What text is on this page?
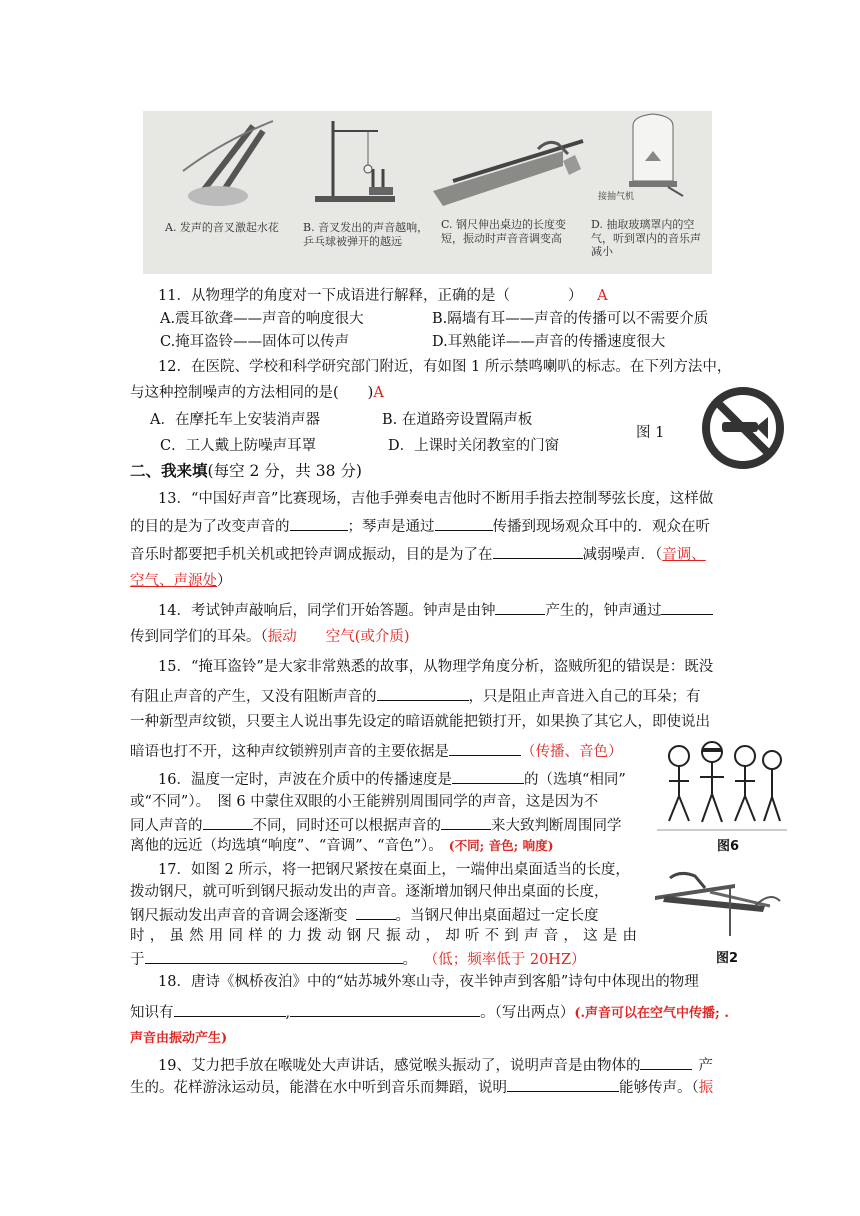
A. 发声的音叉激起水花	B. 音叉发出的声音越响，乒乓球被弹开的越远
C. 钢尺伸出桌边的长度变短，振动时声音音调变高
D. 抽取玻璃罩内的空气，听到罩内的音乐声减小
接抽气机
11．从物理学的角度对一下成语进行解释，正确的是（　　　　） A
A.震耳欲聋——声音的响度很大	B.隔墙有耳——声音的传播可以不需要介质
C.掩耳盗铃——固体可以传声	D.耳熟能详——声音的传播速度很大
12．在医院、学校和科学研究部门附近，有如图 1 所示禁鸣喇叭的标志。在下列方法中，
与这种控制噪声的方法相同的是(　　)A
A．在摩托车上安装消声器	B. 在道路旁设置隔声板
C．工人戴上防噪声耳罩	D．上课时关闭教室的门窗
图 1
二、我来填(每空 2 分，共 38 分)
13．“中国好声音”比赛现场，吉他手弹奏电吉他时不断用手指去控制琴弦长度，这样做
的目的是为了改变声音的	；琴声是通过	传播到现场观众耳中的．观众在听
音乐时都要把手机关机或把铃声调成振动，目的是为了在	减弱噪声．（音调、
空气、声源处）
14．考试钟声敲响后，同学们开始答题。钟声是由钟	产生的，钟声通过
传到同学们的耳朵。（振动　　空气(或介质)
15．“掩耳盗铃”是大家非常熟悉的故事，从物理学角度分析，盗贼所犯的错误是：既没
有阻止声音的产生，又没有阻断声音的	，只是阻止声音进入自己的耳朵；有
一种新型声纹锁，只要主人说出事先设定的暗语就能把锁打开，如果换了其它人，即使说出
暗语也打不开，这种声纹锁辨别声音的主要依据是	（传播、音色）
16．温度一定时，声波在介质中的传播速度是	的（选填“相同”
或“不同”）。　图 6 中蒙住双眼的小王能辨别周围同学的声音，这是因为不
同人声音的	不同，同时还可以根据声音的	来大致判断周围同学
离他的远近（均选填“响度”、“音调”、“音色”）。 (不同; 音色; 响度)	图6
17．如图 2 所示，将一把钢尺紧按在桌面上，一端伸出桌面适当的长度，
拨动钢尺，就可听到钢尺振动发出的声音。逐渐增加钢尺伸出桌面的长度，
钢尺振动发出声音的音调会逐渐变	。当钢尺伸出桌面超过一定长度
时，虽然用同样的力拨动钢尺振动，却听不到声音，这是由
于	。 （低；频率低于 20HZ）	图2
18．唐诗《枫桥夜泊》中的“姑苏城外寒山寺，夜半钟声到客船”诗句中体现出的物理
知识有	,	。（写出两点）(.声音可以在空气中传播; .
声音由振动产生)
19、艾力把手放在喉咙处大声讲话，感觉喉头振动了，说明声音是由物体的	产
生的。花样游泳运动员，能潜在水中听到音乐而舞蹈，说明	能够传声。（振
